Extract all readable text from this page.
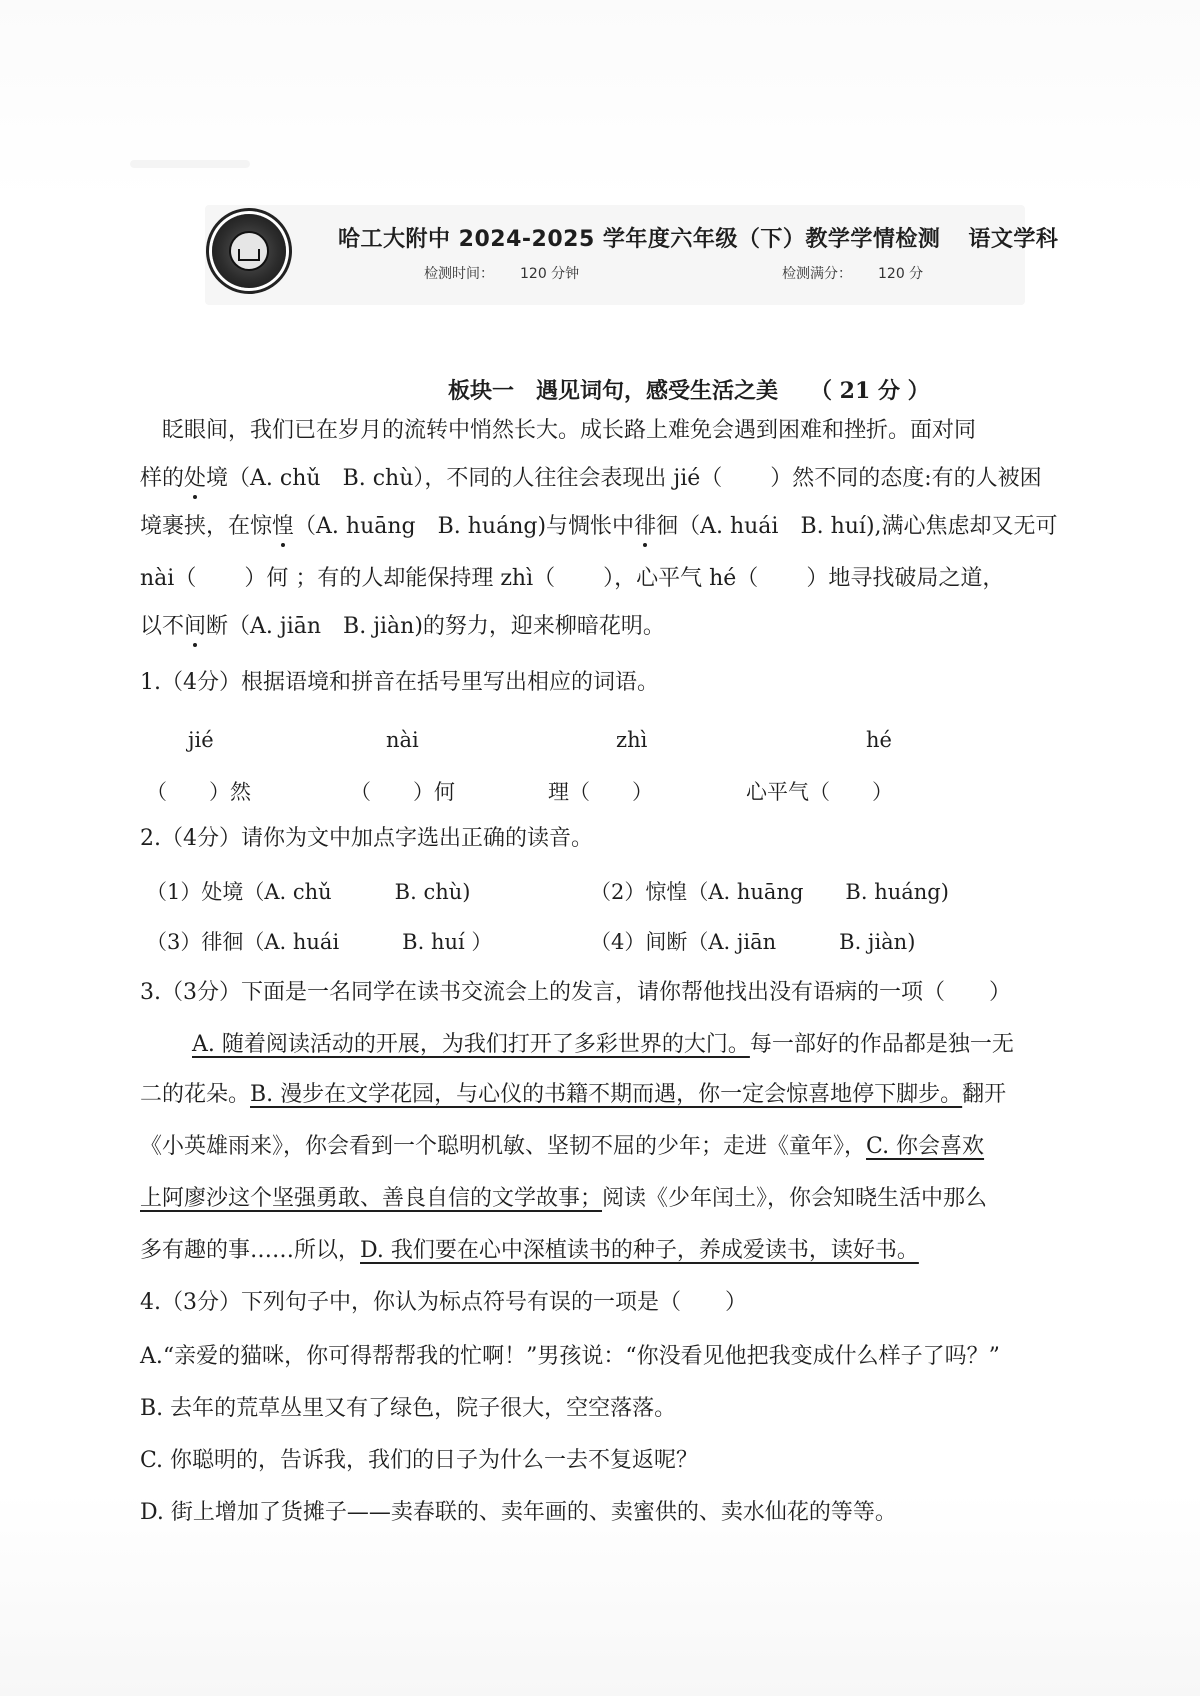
哈工大附中 2024-2025 学年度六年级（下）教学学情检测 语文学科
检测时间： 120 分钟	检测满分： 120 分
板块一　遇见词句，感受生活之美 （ 21 分 ）
　眨眼间，我们已在岁月的流转中悄然长大。成长路上难免会遇到困难和挫折。面对同
样的处境（A. chǔ　B. chù），不同的人往往会表现出 jié（ ）然不同的态度:有的人被困
境裹挟，在惊惶（A. huāng　B. huáng)与惆怅中徘徊（A. huái　B. huí),满心焦虑却又无可
nài（ ）何 ；有的人却能保持理 zhì（ ），心平气 hé（ ）地寻找破局之道，
以不间断（A. jiān　B. jiàn)的努力，迎来柳暗花明。
1.（4分）根据语境和拼音在括号里写出相应的词语。
jié	nài	zhì	hé
（　　）然	（　　）何	理（　　）	心平气（　　）
2.（4分）请你为文中加点字选出正确的读音。
（1）处境（A. chǔ　　　B. chù)	（2）惊惶（A. huāng　　B. huáng)
（3）徘徊（A. huái　　　B. huí ）	（4）间断（A. jiān　　　B. jiàn)
3.（3分）下面是一名同学在读书交流会上的发言，请你帮他找出没有语病的一项（　　）
A. 随着阅读活动的开展，为我们打开了多彩世界的大门。每一部好的作品都是独一无
二的花朵。B. 漫步在文学花园，与心仪的书籍不期而遇，你一定会惊喜地停下脚步。翻开
《小英雄雨来》，你会看到一个聪明机敏、坚韧不屈的少年；走进《童年》，C. 你会喜欢
上阿廖沙这个坚强勇敢、善良自信的文学故事；阅读《少年闰土》，你会知晓生活中那么
多有趣的事……所以，D. 我们要在心中深植读书的种子，养成爱读书，读好书。
4.（3分）下列句子中，你认为标点符号有误的一项是（　　）
A.“亲爱的猫咪，你可得帮帮我的忙啊！”男孩说：“你没看见他把我变成什么样子了吗？”
B. 去年的荒草丛里又有了绿色，院子很大，空空落落。
C. 你聪明的，告诉我，我们的日子为什么一去不复返呢？
D. 街上增加了货摊子——卖春联的、卖年画的、卖蜜供的、卖水仙花的等等。
